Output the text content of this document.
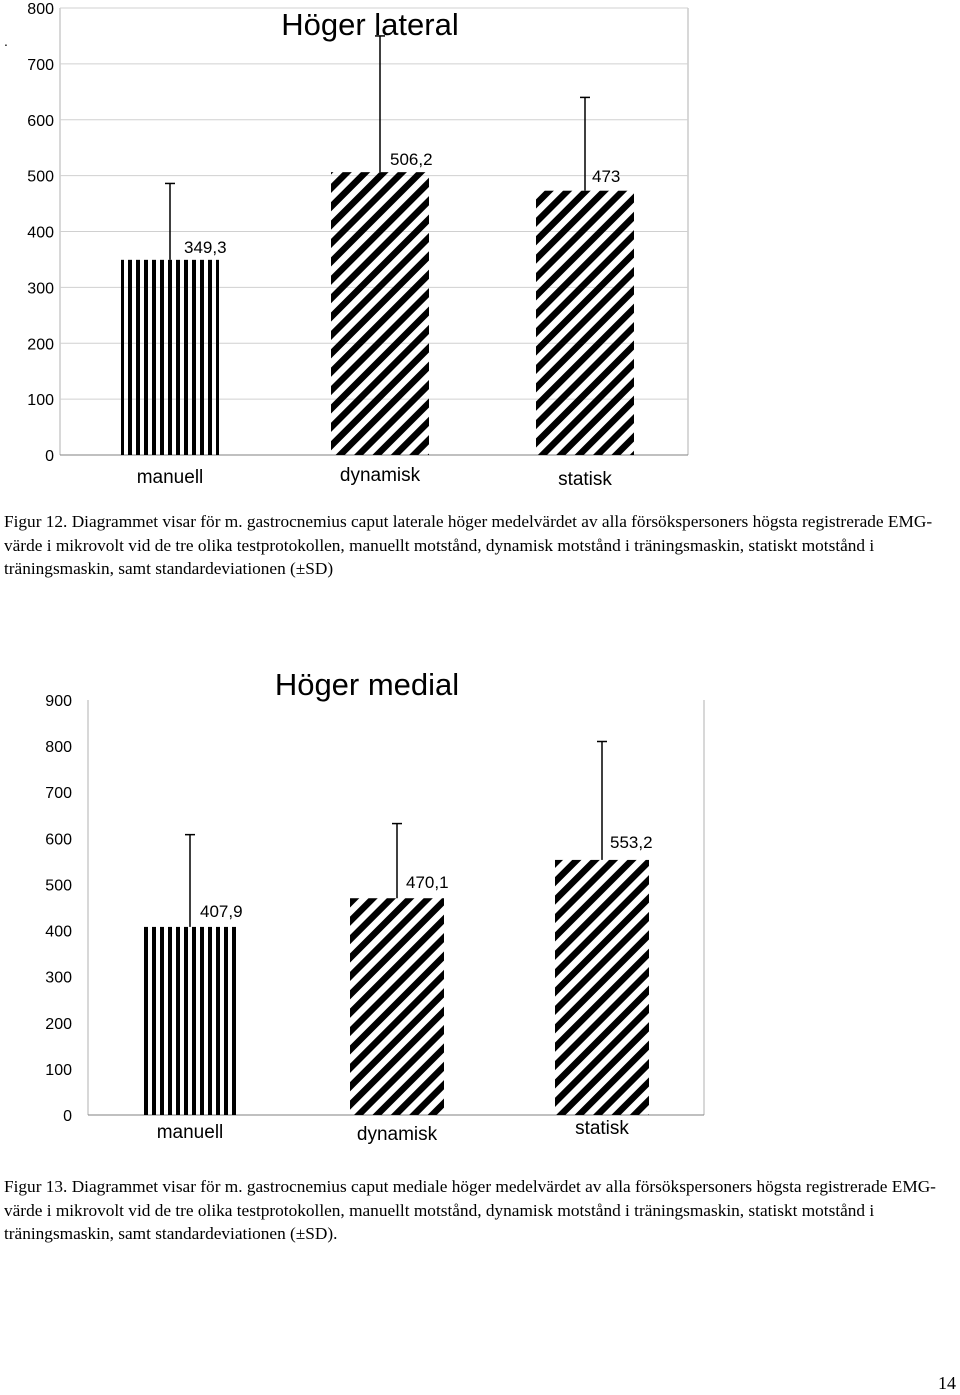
.
0
100
200
300
400
500
600
700
800	Höger lateral
349,3
manuell
506,2
dynamisk
473
statisk

Figur 12. Diagrammet visar för m. gastrocnemius caput laterale höger medelvärdet av alla försökspersoners högsta registrerade EMG-värde i mikrovolt vid de tre olika testprotokollen, manuellt motstånd, dynamisk motstånd i träningsmaskin, statiskt motstånd i träningsmaskin, samt standardeviationen (±SD)

0
100
200
300
400
500
600
700
800
900	Höger medial
407,9
manuell
470,1
dynamisk
553,2
statisk

Figur 13. Diagrammet visar för m. gastrocnemius caput mediale höger medelvärdet av alla försökspersoners högsta registrerade EMG-värde i mikrovolt vid de tre olika testprotokollen, manuellt motstånd, dynamisk motstånd i träningsmaskin, statiskt motstånd i träningsmaskin, samt standardeviationen (±SD).

14
